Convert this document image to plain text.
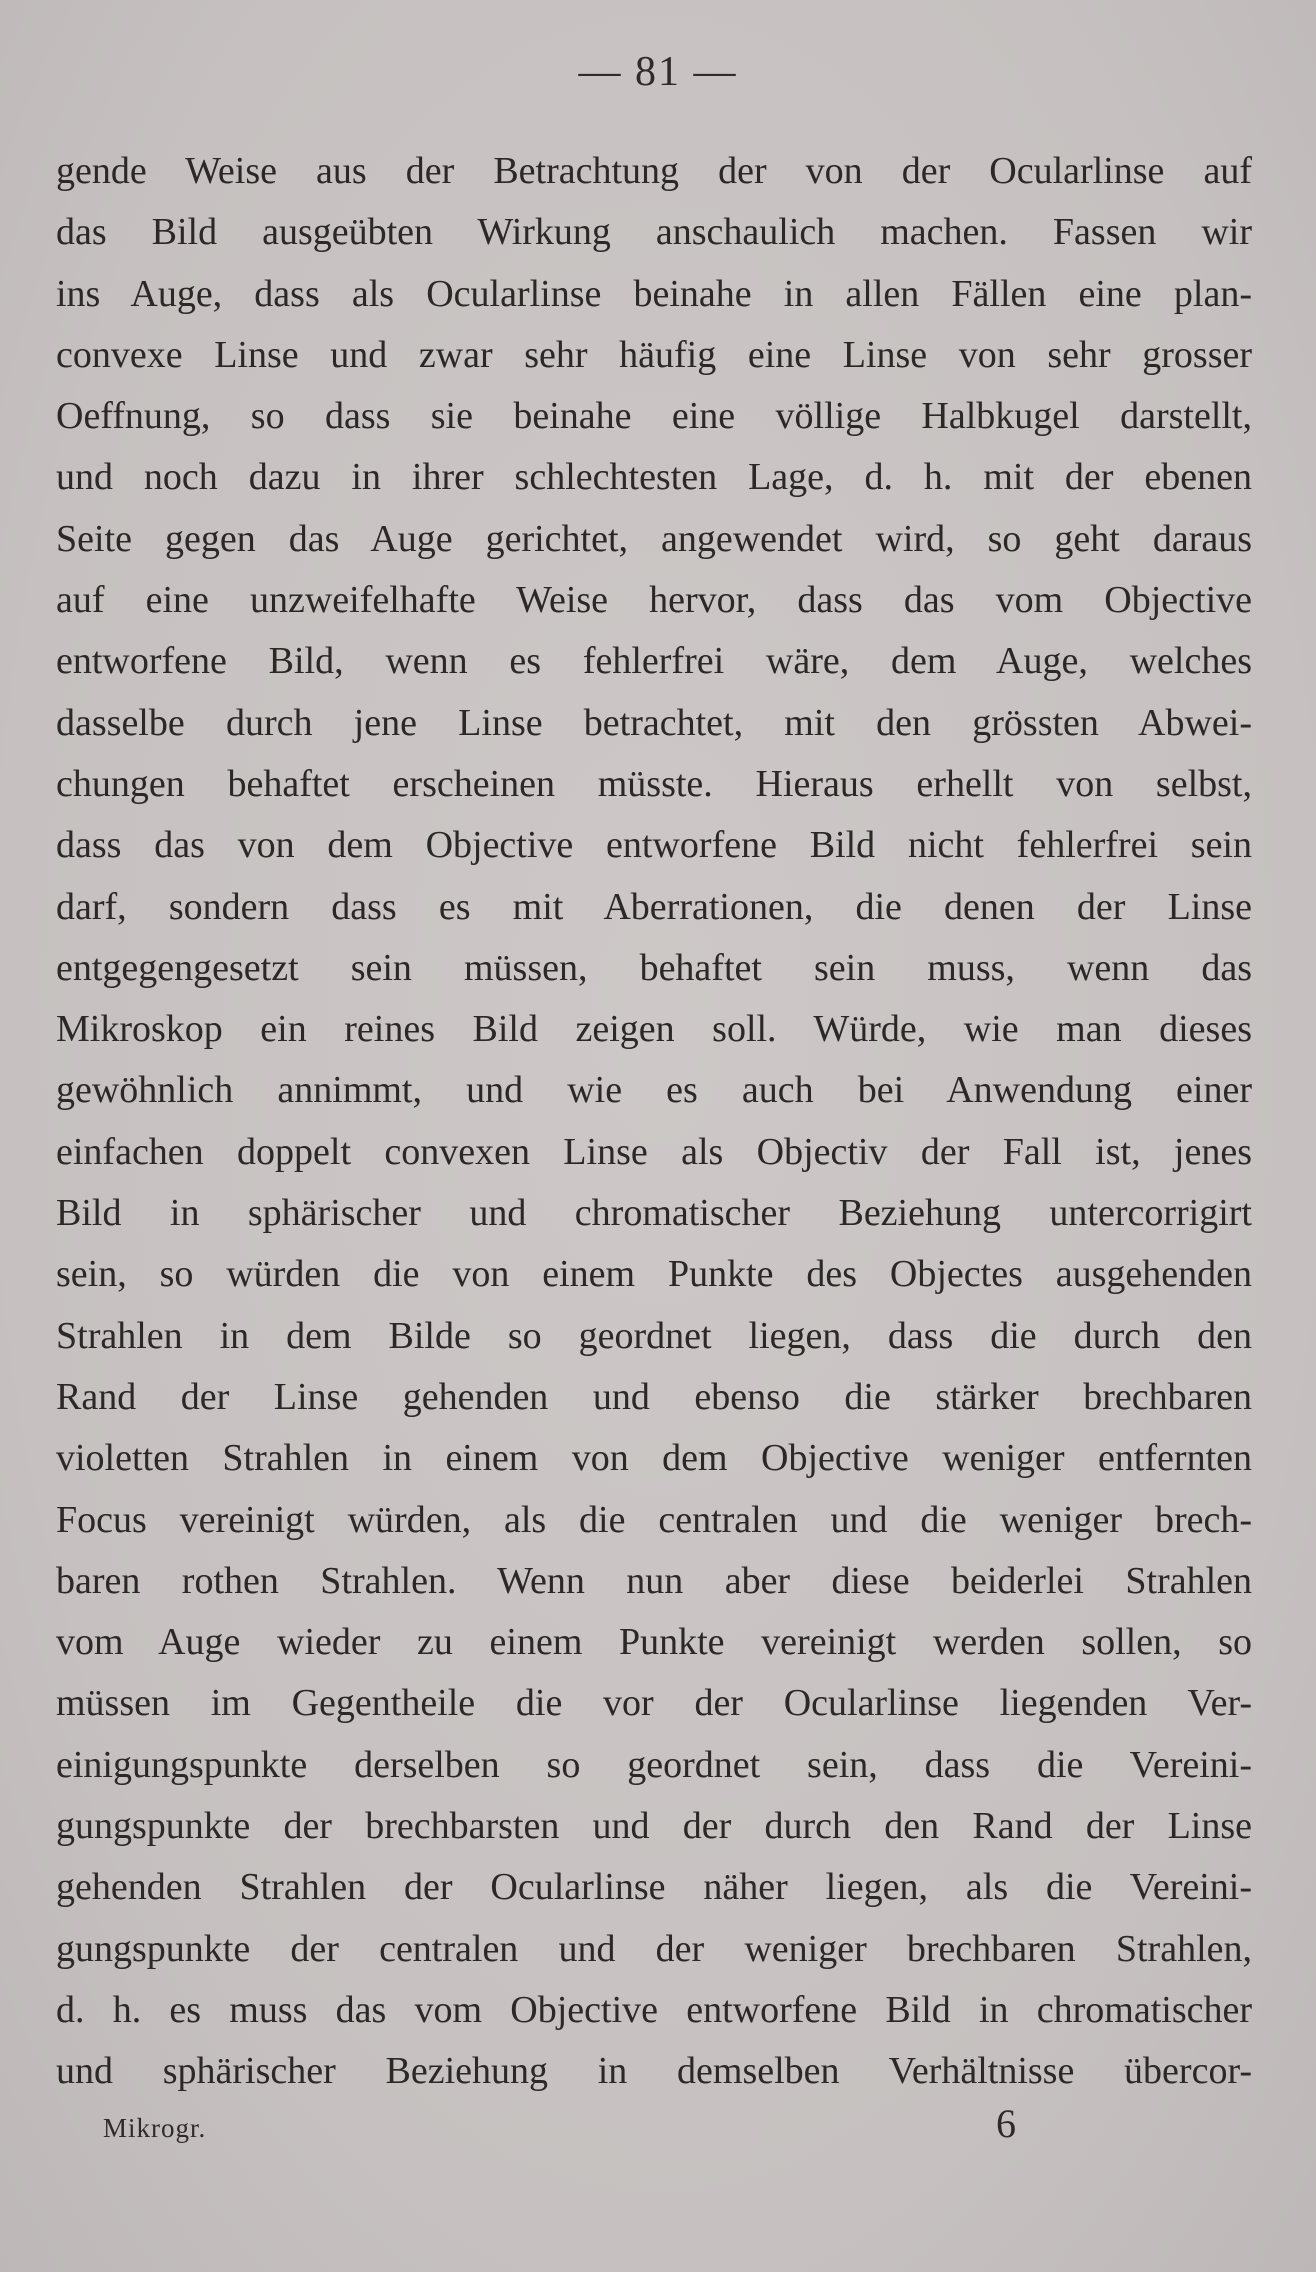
— 81 —
gende Weise aus der Betrachtung der von der Ocularlinse auf
das Bild ausgeübten Wirkung anschaulich machen. Fassen wir
ins Auge, dass als Ocularlinse beinahe in allen Fällen eine plan-
convexe Linse und zwar sehr häufig eine Linse von sehr grosser
Oeffnung, so dass sie beinahe eine völlige Halbkugel darstellt,
und noch dazu in ihrer schlechtesten Lage, d. h. mit der ebenen
Seite gegen das Auge gerichtet, angewendet wird, so geht daraus
auf eine unzweifelhafte Weise hervor, dass das vom Objective
entworfene Bild, wenn es fehlerfrei wäre, dem Auge, welches
dasselbe durch jene Linse betrachtet, mit den grössten Abwei-
chungen behaftet erscheinen müsste. Hieraus erhellt von selbst,
dass das von dem Objective entworfene Bild nicht fehlerfrei sein
darf, sondern dass es mit Aberrationen, die denen der Linse
entgegengesetzt sein müssen, behaftet sein muss, wenn das
Mikroskop ein reines Bild zeigen soll. Würde, wie man dieses
gewöhnlich annimmt, und wie es auch bei Anwendung einer
einfachen doppelt convexen Linse als Objectiv der Fall ist, jenes
Bild in sphärischer und chromatischer Beziehung untercorrigirt
sein, so würden die von einem Punkte des Objectes ausgehenden
Strahlen in dem Bilde so geordnet liegen, dass die durch den
Rand der Linse gehenden und ebenso die stärker brechbaren
violetten Strahlen in einem von dem Objective weniger entfernten
Focus vereinigt würden, als die centralen und die weniger brech-
baren rothen Strahlen. Wenn nun aber diese beiderlei Strahlen
vom Auge wieder zu einem Punkte vereinigt werden sollen, so
müssen im Gegentheile die vor der Ocularlinse liegenden Ver-
einigungspunkte derselben so geordnet sein, dass die Vereini-
gungspunkte der brechbarsten und der durch den Rand der Linse
gehenden Strahlen der Ocularlinse näher liegen, als die Vereini-
gungspunkte der centralen und der weniger brechbaren Strahlen,
d. h. es muss das vom Objective entworfene Bild in chromatischer
und sphärischer Beziehung in demselben Verhältnisse übercor-
Mikrogr.	6
